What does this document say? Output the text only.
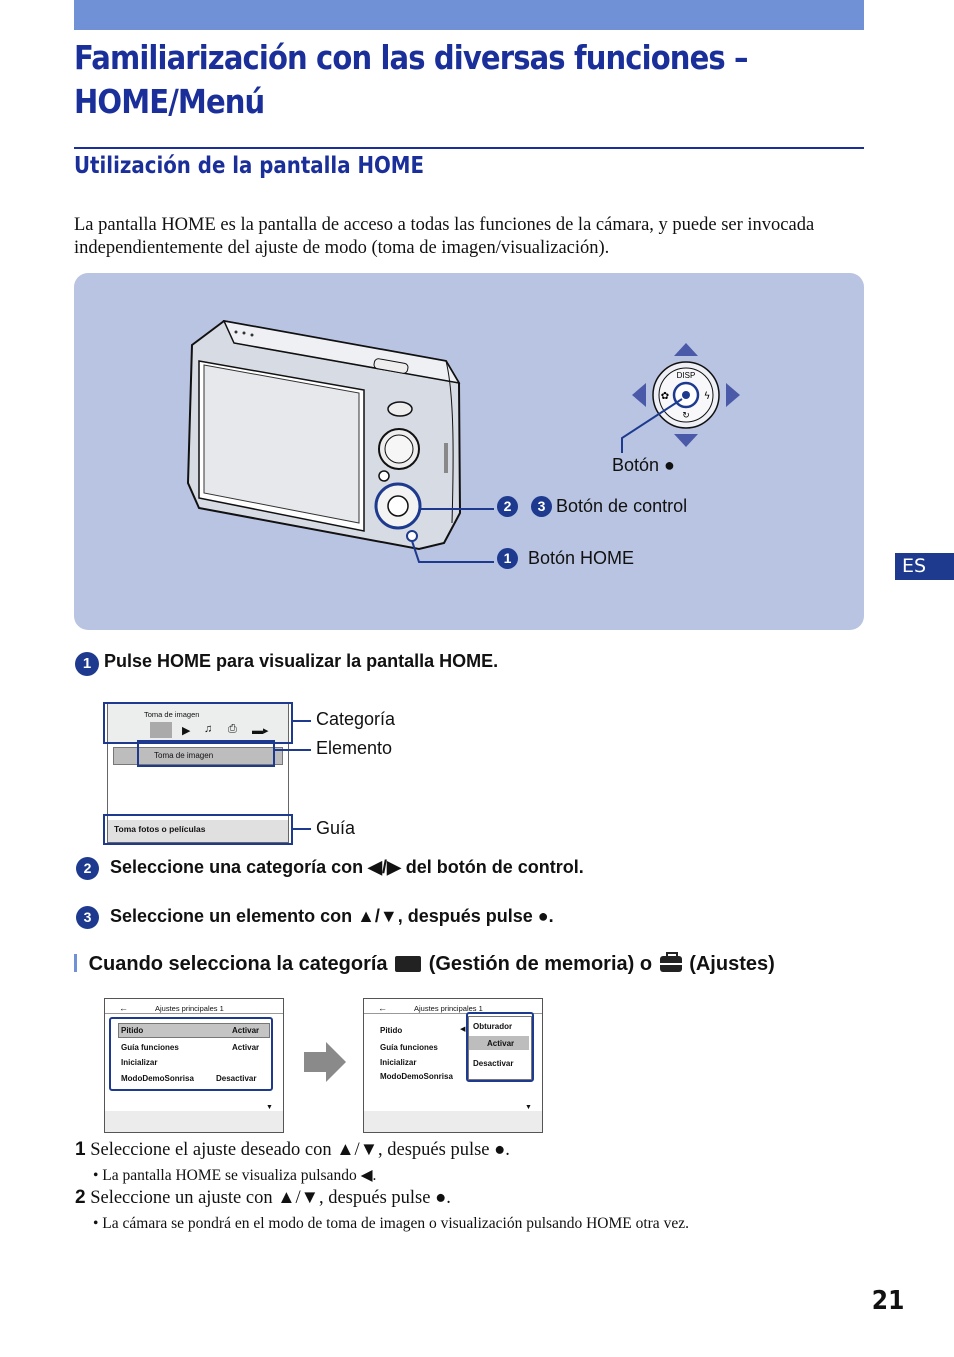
Familiarización con las diversas funciones –
HOME/Menú
Utilización de la pantalla HOME
La pantalla HOME es la pantalla de acceso a todas las funciones de la cámara, y puede ser invocada independientemente del ajuste de modo (toma de imagen/visualización).
DISP
✿	ϟ
↻
Botón ●
2 3 Botón de control
1 Botón HOME	ES
1 Pulse HOME para visualizar la pantalla HOME.
Toma de imagen
▶ ♫ ⎙ ▬▸
Toma de imagen
Toma fotos o películas
Categoría
Elemento
Guía
2 Seleccione una categoría con ◀/▶ del botón de control.
3 Seleccione un elemento con ▲/▼, después pulse ●.
Cuando selecciona la categoría (Gestión de memoria) o (Ajustes)
←	Ajustes principales 1
Pitido	Activar
Guía funciones	Activar
Inicializar
ModoDemoSonrisa	Desactivar
▼
←	Ajustes principales 1
Pitido
Guía funciones
Inicializar
ModoDemoSonrisa
◀ Obturador
Activar
Desactivar
▼
1 Seleccione el ajuste deseado con ▲/▼, después pulse ●.
• La pantalla HOME se visualiza pulsando ◀.
2 Seleccione un ajuste con ▲/▼, después pulse ●.
• La cámara se pondrá en el modo de toma de imagen o visualización pulsando HOME otra vez.
21
